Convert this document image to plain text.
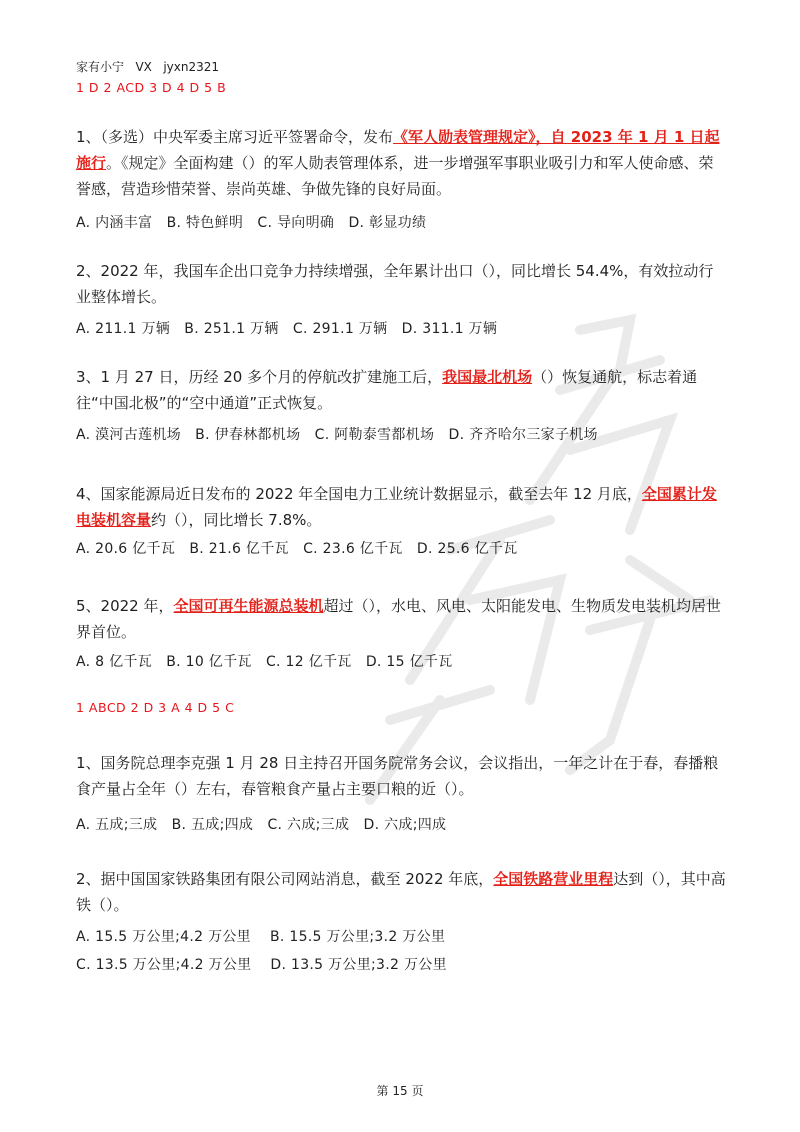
家有小宁   VX   jyxn2321
1 D 2 ACD 3 D 4 D 5 B

1、（多选）中央军委主席习近平签署命令，发布《军人勋表管理规定》，自 2023 年 1 月 1 日起施行。《规定》全面构建（）的军人勋表管理体系，进一步增强军事职业吸引力和军人使命感、荣誉感，营造珍惜荣誉、崇尚英雄、争做先锋的良好局面。

A. 内涵丰富   B. 特色鲜明   C. 导向明确   D. 彰显功绩

2、2022 年，我国车企出口竞争力持续增强，全年累计出口（），同比增长 54.4%，有效拉动行业整体增长。

A. 211.1 万辆   B. 251.1 万辆   C. 291.1 万辆   D. 311.1 万辆

3、1 月 27 日，历经 20 多个月的停航改扩建施工后，我国最北机场（）恢复通航，标志着通往“中国北极”的“空中通道”正式恢复。

A. 漠河古莲机场   B. 伊春林都机场   C. 阿勒泰雪都机场   D. 齐齐哈尔三家子机场

4、国家能源局近日发布的 2022 年全国电力工业统计数据显示，截至去年 12 月底，全国累计发电装机容量约（），同比增长 7.8%。

A. 20.6 亿千瓦   B. 21.6 亿千瓦   C. 23.6 亿千瓦   D. 25.6 亿千瓦

5、2022 年，全国可再生能源总装机超过（），水电、风电、太阳能发电、生物质发电装机均居世界首位。

A. 8 亿千瓦   B. 10 亿千瓦   C. 12 亿千瓦   D. 15 亿千瓦
1 ABCD 2 D 3 A 4 D 5 C

1、国务院总理李克强 1 月 28 日主持召开国务院常务会议，会议指出，一年之计在于春，春播粮食产量占全年（）左右，春管粮食产量占主要口粮的近（）。

A. 五成;三成   B. 五成;四成   C. 六成;三成   D. 六成;四成

2、据中国国家铁路集团有限公司网站消息，截至 2022 年底，全国铁路营业里程达到（），其中高铁（）。

A. 15.5 万公里;4.2 万公里    B. 15.5 万公里;3.2 万公里
C. 13.5 万公里;4.2 万公里    D. 13.5 万公里;3.2 万公里
第 15 页
